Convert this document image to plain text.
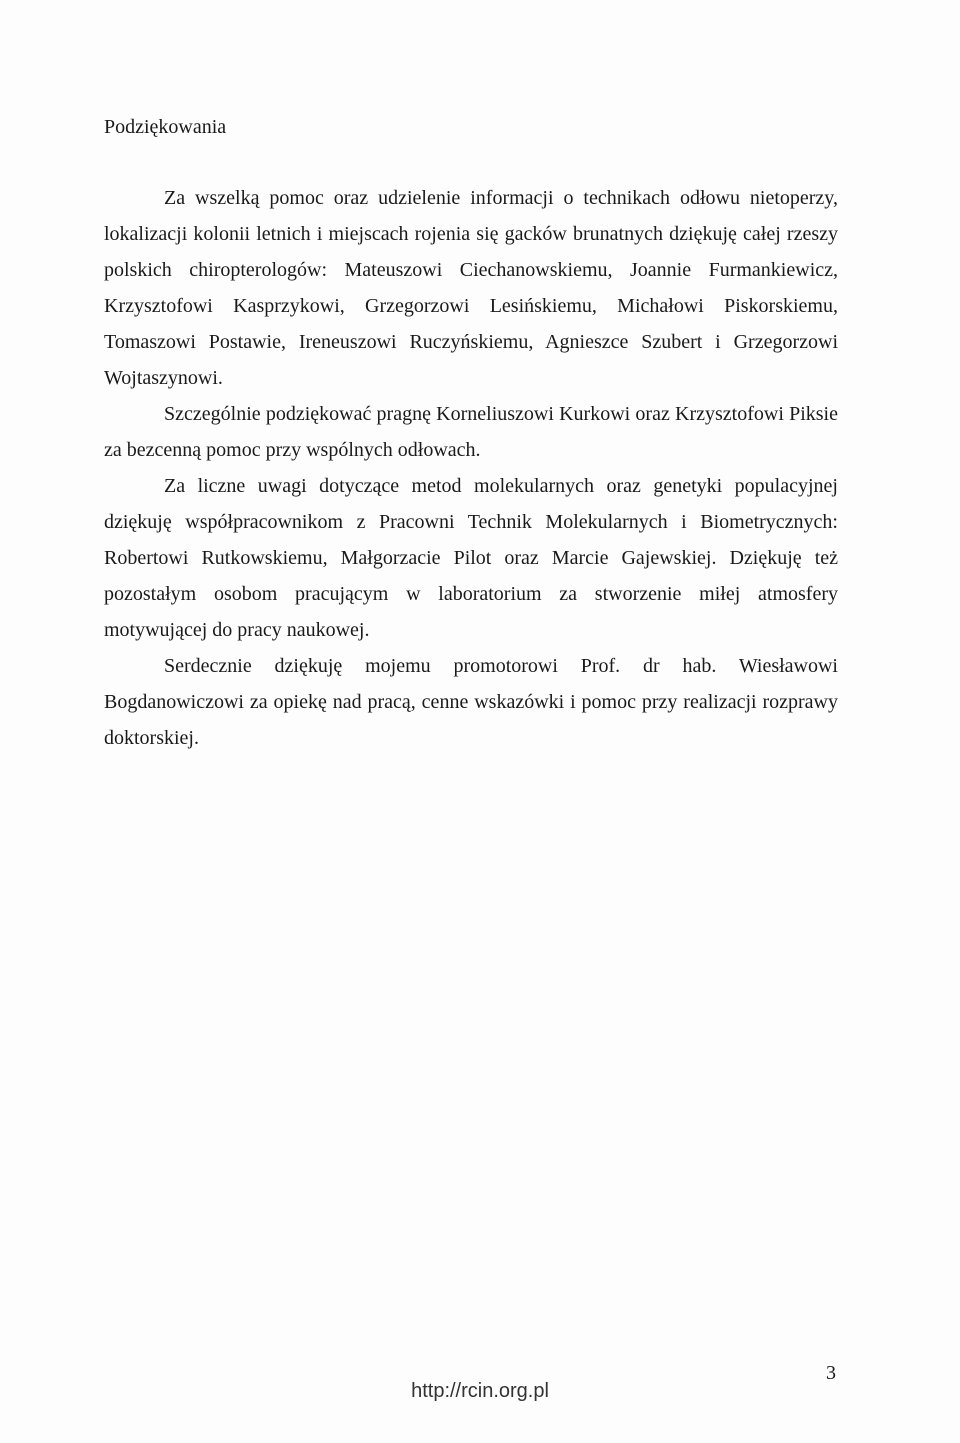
Podziękowania

Za wszelką pomoc oraz udzielenie informacji o technikach odłowu nietoperzy, lokalizacji kolonii letnich i miejscach rojenia się gacków brunatnych dziękuję całej rzeszy polskich chiropterologów: Mateuszowi Ciechanowskiemu, Joannie Furmankiewicz, Krzysztofowi Kasprzykowi, Grzegorzowi Lesińskiemu, Michałowi Piskorskiemu, Tomaszowi Postawie, Ireneuszowi Ruczyńskiemu, Agnieszce Szubert i Grzegorzowi Wojtaszynowi.

Szczególnie podziękować pragnę Korneliuszowi Kurkowi oraz Krzysztofowi Piksie za bezcenną pomoc przy wspólnych odłowach.

Za liczne uwagi dotyczące metod molekularnych oraz genetyki populacyjnej dziękuję współpracownikom z Pracowni Technik Molekularnych i Biometrycznych: Robertowi Rutkowskiemu, Małgorzacie Pilot oraz Marcie Gajewskiej. Dziękuję też pozostałym osobom pracującym w laboratorium za stworzenie miłej atmosfery motywującej do pracy naukowej.

Serdecznie dziękuję mojemu promotorowi Prof. dr hab. Wiesławowi Bogdanowiczowi za opiekę nad pracą, cenne wskazówki i pomoc przy realizacji rozprawy doktorskiej.

3
http://rcin.org.pl
